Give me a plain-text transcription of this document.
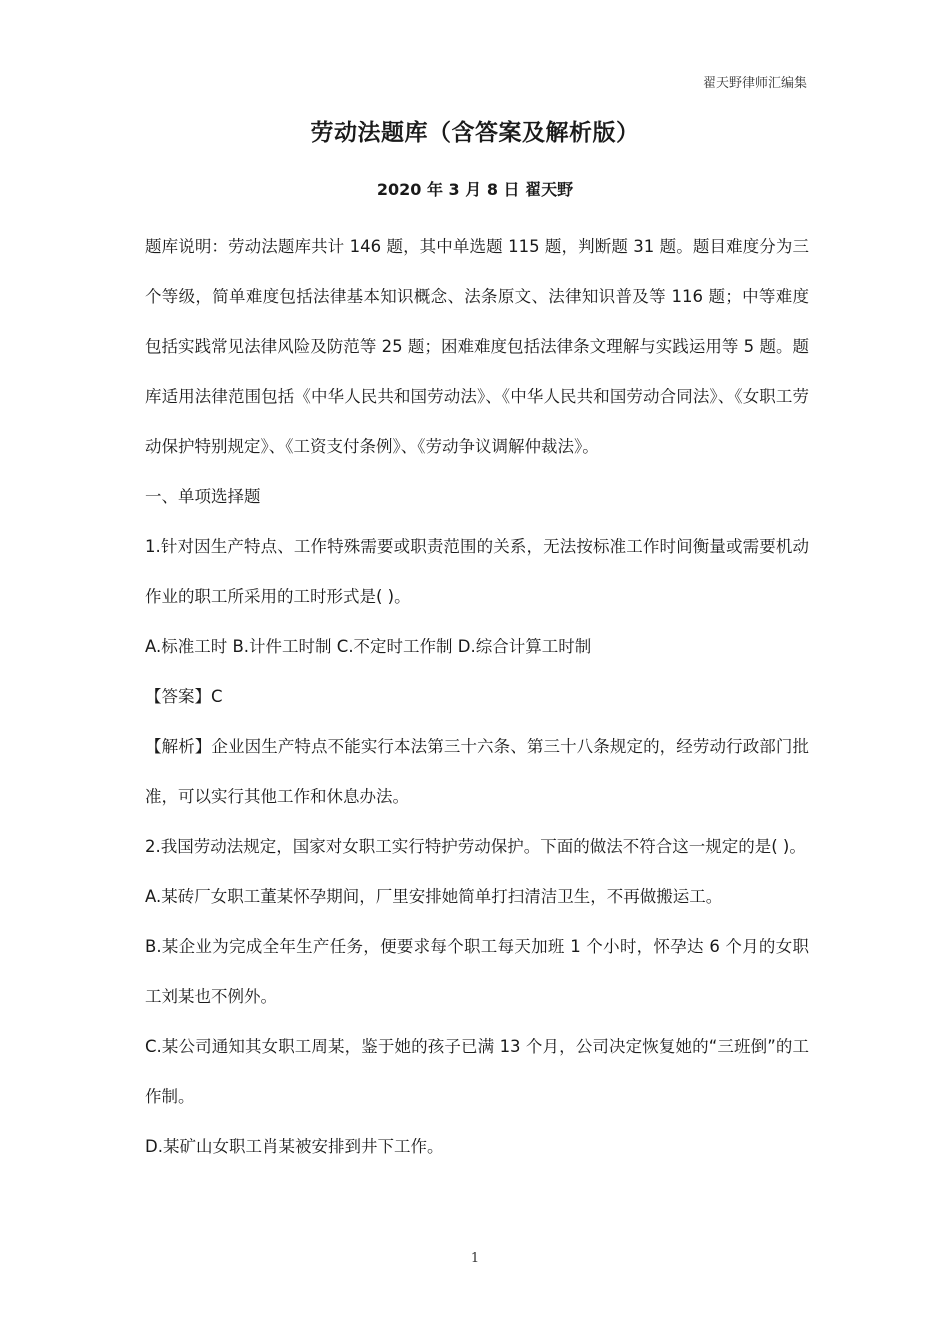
翟天野律师汇编集
劳动法题库（含答案及解析版）
2020 年 3 月 8 日 翟天野

题库说明：劳动法题库共计 146 题，其中单选题 115 题，判断题 31 题。题目难度分为三个等级，简单难度包括法律基本知识概念、法条原文、法律知识普及等 116 题；中等难度包括实践常见法律风险及防范等 25 题；困难难度包括法律条文理解与实践运用等 5 题。题库适用法律范围包括《中华人民共和国劳动法》、《中华人民共和国劳动合同法》、《女职工劳动保护特别规定》、《工资支付条例》、《劳动争议调解仲裁法》。

一、单项选择题

1.针对因生产特点、工作特殊需要或职责范围的关系，无法按标准工作时间衡量或需要机动作业的职工所采用的工时形式是( )。

A.标准工时 B.计件工时制 C.不定时工作制 D.综合计算工时制

【答案】C

【解析】企业因生产特点不能实行本法第三十六条、第三十八条规定的，经劳动行政部门批准，可以实行其他工作和休息办法。

2.我国劳动法规定，国家对女职工实行特护劳动保护。下面的做法不符合这一规定的是( )。

A.某砖厂女职工董某怀孕期间，厂里安排她简单打扫清洁卫生，不再做搬运工。

B.某企业为完成全年生产任务，便要求每个职工每天加班 1 个小时，怀孕达 6 个月的女职工刘某也不例外。

C.某公司通知其女职工周某，鉴于她的孩子已满 13 个月，公司决定恢复她的“三班倒”的工作制。

D.某矿山女职工肖某被安排到井下工作。

1
